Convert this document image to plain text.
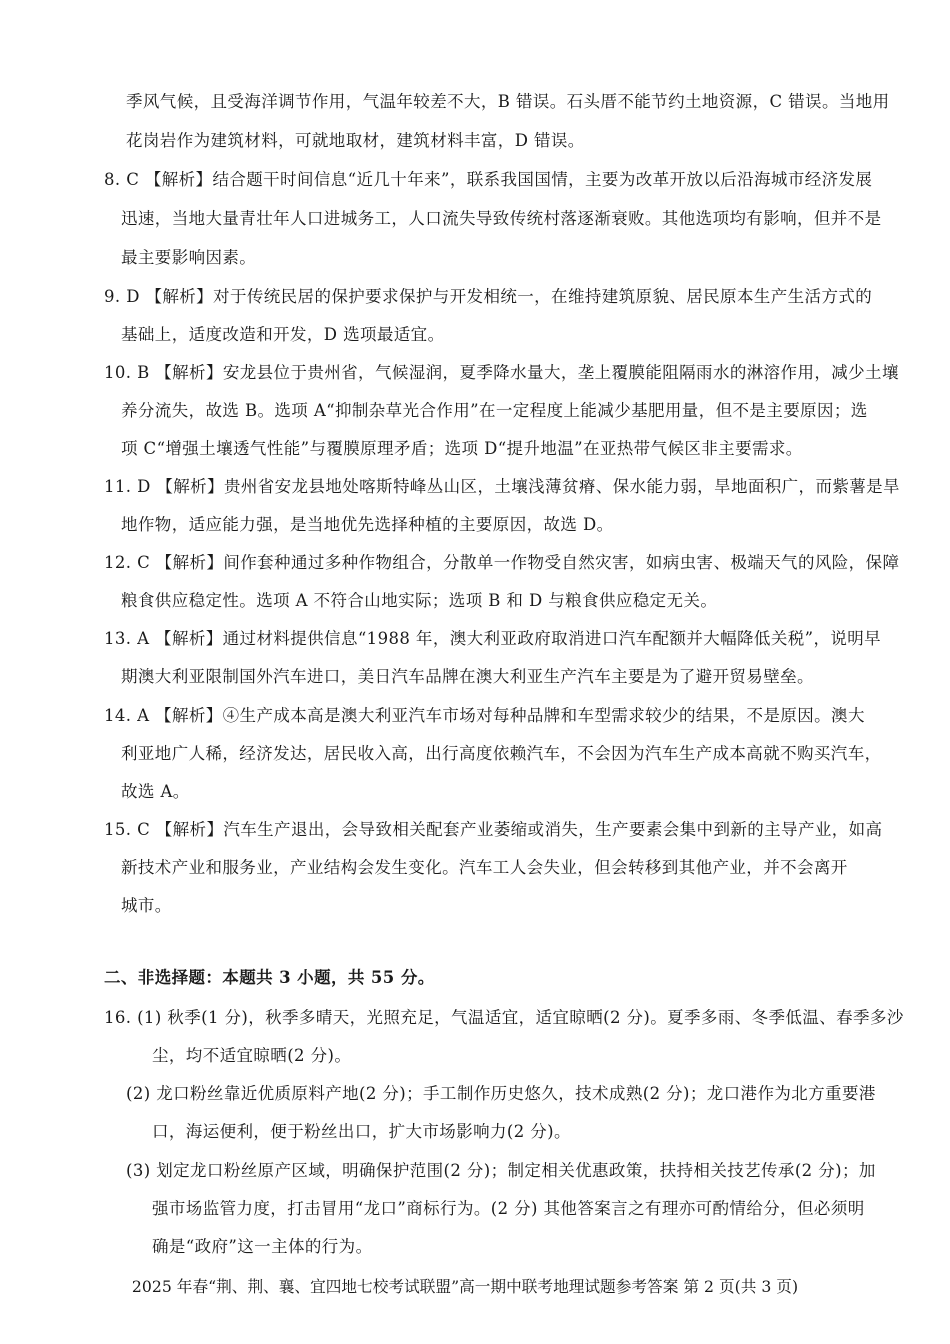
季风气候，且受海洋调节作用，气温年较差不大，B 错误。石头厝不能节约土地资源，C 错误。当地用
花岗岩作为建筑材料，可就地取材，建筑材料丰富，D 错误。
8. C 【解析】结合题干时间信息“近几十年来”，联系我国国情，主要为改革开放以后沿海城市经济发展
迅速，当地大量青壮年人口进城务工，人口流失导致传统村落逐渐衰败。其他选项均有影响，但并不是
最主要影响因素。
9. D 【解析】对于传统民居的保护要求保护与开发相统一，在维持建筑原貌、居民原本生产生活方式的
基础上，适度改造和开发，D 选项最适宜。
10. B 【解析】安龙县位于贵州省，气候湿润，夏季降水量大，垄上覆膜能阻隔雨水的淋溶作用，减少土壤
养分流失，故选 B。选项 A“抑制杂草光合作用”在一定程度上能减少基肥用量，但不是主要原因；选
项 C“增强土壤透气性能”与覆膜原理矛盾；选项 D“提升地温”在亚热带气候区非主要需求。
11. D 【解析】贵州省安龙县地处喀斯特峰丛山区，土壤浅薄贫瘠、保水能力弱，旱地面积广，而紫薯是旱
地作物，适应能力强，是当地优先选择种植的主要原因，故选 D。
12. C 【解析】间作套种通过多种作物组合，分散单一作物受自然灾害，如病虫害、极端天气的风险，保障
粮食供应稳定性。选项 A 不符合山地实际；选项 B 和 D 与粮食供应稳定无关。
13. A 【解析】通过材料提供信息“1988 年，澳大利亚政府取消进口汽车配额并大幅降低关税”，说明早
期澳大利亚限制国外汽车进口，美日汽车品牌在澳大利亚生产汽车主要是为了避开贸易壁垒。
14. A 【解析】④生产成本高是澳大利亚汽车市场对每种品牌和车型需求较少的结果，不是原因。澳大
利亚地广人稀，经济发达，居民收入高，出行高度依赖汽车，不会因为汽车生产成本高就不购买汽车，
故选 A。
15. C 【解析】汽车生产退出，会导致相关配套产业萎缩或消失，生产要素会集中到新的主导产业，如高
新技术产业和服务业，产业结构会发生变化。汽车工人会失业，但会转移到其他产业，并不会离开
城市。
二、非选择题：本题共 3 小题，共 55 分。
16. (1) 秋季(1 分)，秋季多晴天，光照充足，气温适宜，适宜晾晒(2 分)。夏季多雨、冬季低温、春季多沙
尘，均不适宜晾晒(2 分)。
(2) 龙口粉丝靠近优质原料产地(2 分)；手工制作历史悠久，技术成熟(2 分)；龙口港作为北方重要港
口，海运便利，便于粉丝出口，扩大市场影响力(2 分)。
(3) 划定龙口粉丝原产区域，明确保护范围(2 分)；制定相关优惠政策，扶持相关技艺传承(2 分)；加
强市场监管力度，打击冒用“龙口”商标行为。(2 分) 其他答案言之有理亦可酌情给分，但必须明
确是“政府”这一主体的行为。
2025 年春“荆、荆、襄、宜四地七校考试联盟”高一期中联考地理试题参考答案 第 2 页(共 3 页)
